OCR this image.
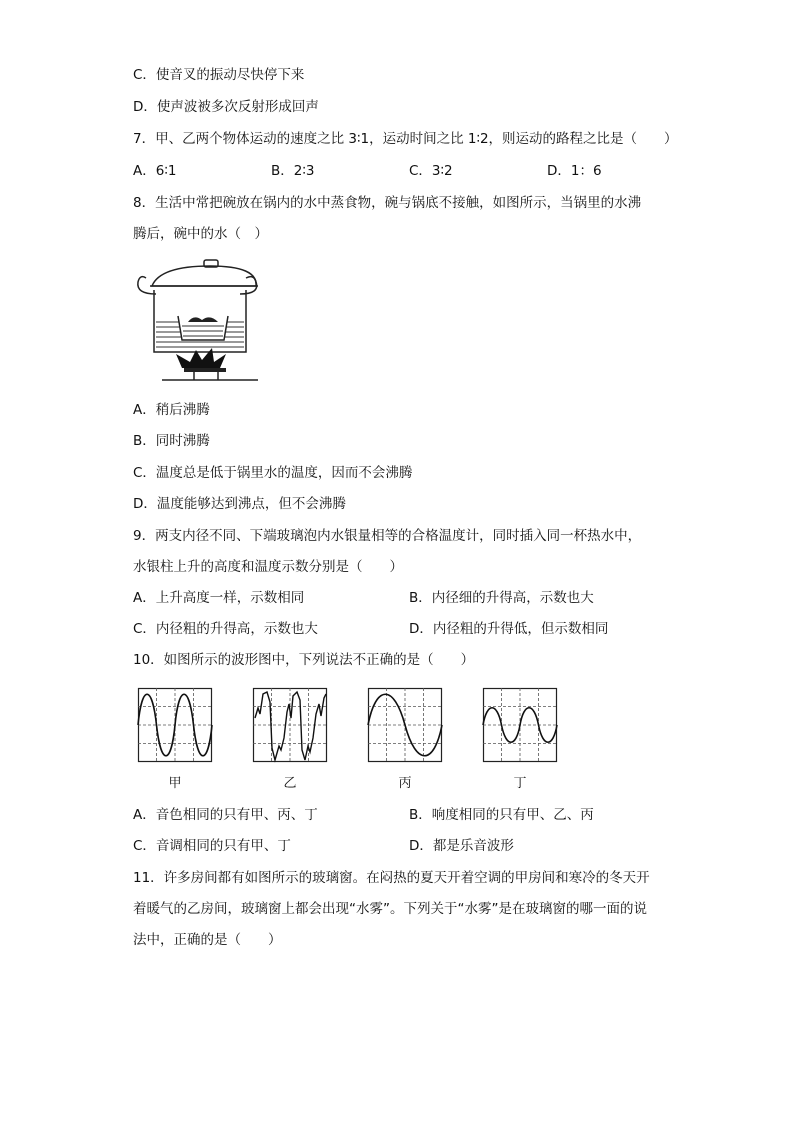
C．使音叉的振动尽快停下来
D．使声波被多次反射形成回声
7．甲、乙两个物体运动的速度之比 3∶1，运动时间之比 1∶2，则运动的路程之比是（　　）
A．6∶1	B．2∶3	C．3∶2	D．1：6
8．生活中常把碗放在锅内的水中蒸食物，碗与锅底不接触，如图所示，当锅里的水沸
腾后，碗中的水（　）
A．稍后沸腾
B．同时沸腾
C．温度总是低于锅里水的温度，因而不会沸腾
D．温度能够达到沸点，但不会沸腾
9．两支内径不同、下端玻璃泡内水银量相等的合格温度计，同时插入同一杯热水中，
水银柱上升的高度和温度示数分别是（　　）
A．上升高度一样，示数相同	B．内径细的升得高，示数也大
C．内径粗的升得高，示数也大	D．内径粗的升得低，但示数相同
10．如图所示的波形图中，下列说法不正确的是（　　）
甲	乙	丙	丁
A．音色相同的只有甲、丙、丁	B．响度相同的只有甲、乙、丙
C．音调相同的只有甲、丁	D．都是乐音波形
11．许多房间都有如图所示的玻璃窗。在闷热的夏天开着空调的甲房间和寒冷的冬天开
着暖气的乙房间，玻璃窗上都会出现“水雾”。下列关于“水雾”是在玻璃窗的哪一面的说
法中，正确的是（　　）
